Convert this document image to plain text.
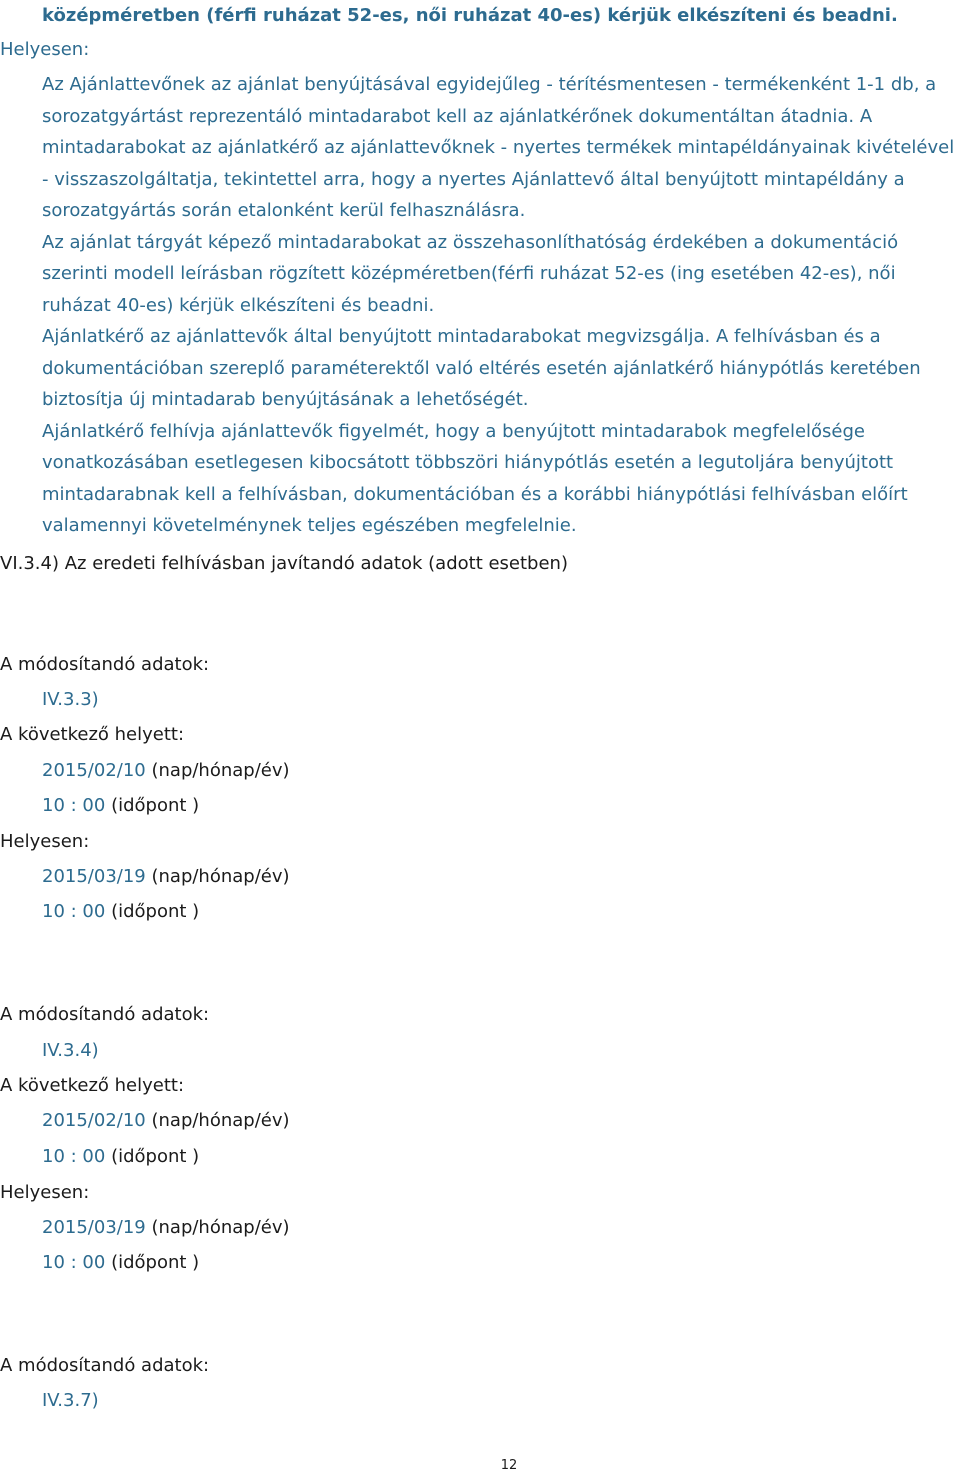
középméretben (férfi ruházat 52-es, női ruházat 40-es) kérjük elkészíteni és beadni.
Helyesen:
Az Ajánlattevőnek az ajánlat benyújtásával egyidejűleg - térítésmentesen - termékenként 1-1 db, a sorozatgyártást reprezentáló mintadarabot kell az ajánlatkérőnek dokumentáltan átadnia. A mintadarabokat az ajánlatkérő az ajánlattevőknek - nyertes termékek mintapéldányainak kivételével - visszaszolgáltatja, tekintettel arra, hogy a nyertes Ajánlattevő által benyújtott mintapéldány a sorozatgyártás során etalonként kerül felhasználásra.
Az ajánlat tárgyát képező mintadarabokat az összehasonlíthatóság érdekében a dokumentáció szerinti modell leírásban rögzített középméretben(férfi ruházat 52-es (ing esetében 42-es), női ruházat 40-es) kérjük elkészíteni és beadni.
Ajánlatkérő az ajánlattevők által benyújtott mintadarabokat megvizsgálja. A felhívásban és a dokumentációban szereplő paraméterektől való eltérés esetén ajánlatkérő hiánypótlás keretében biztosítja új mintadarab benyújtásának a lehetőségét.
Ajánlatkérő felhívja ajánlattevők figyelmét, hogy a benyújtott mintadarabok megfelelősége vonatkozásában esetlegesen kibocsátott többszöri hiánypótlás esetén a legutoljára benyújtott mintadarabnak kell a felhívásban, dokumentációban és a korábbi hiánypótlási felhívásban előírt valamennyi követelménynek teljes egészében megfelelnie.
VI.3.4) Az eredeti felhívásban javítandó adatok (adott esetben)
A módosítandó adatok:
IV.3.3)
A következő helyett:
2015/02/10 (nap/hónap/év)
10 : 00 (időpont )
Helyesen:
2015/03/19 (nap/hónap/év)
10 : 00 (időpont )
A módosítandó adatok:
IV.3.4)
A következő helyett:
2015/02/10 (nap/hónap/év)
10 : 00 (időpont )
Helyesen:
2015/03/19 (nap/hónap/év)
10 : 00 (időpont )
A módosítandó adatok:
IV.3.7)
12
